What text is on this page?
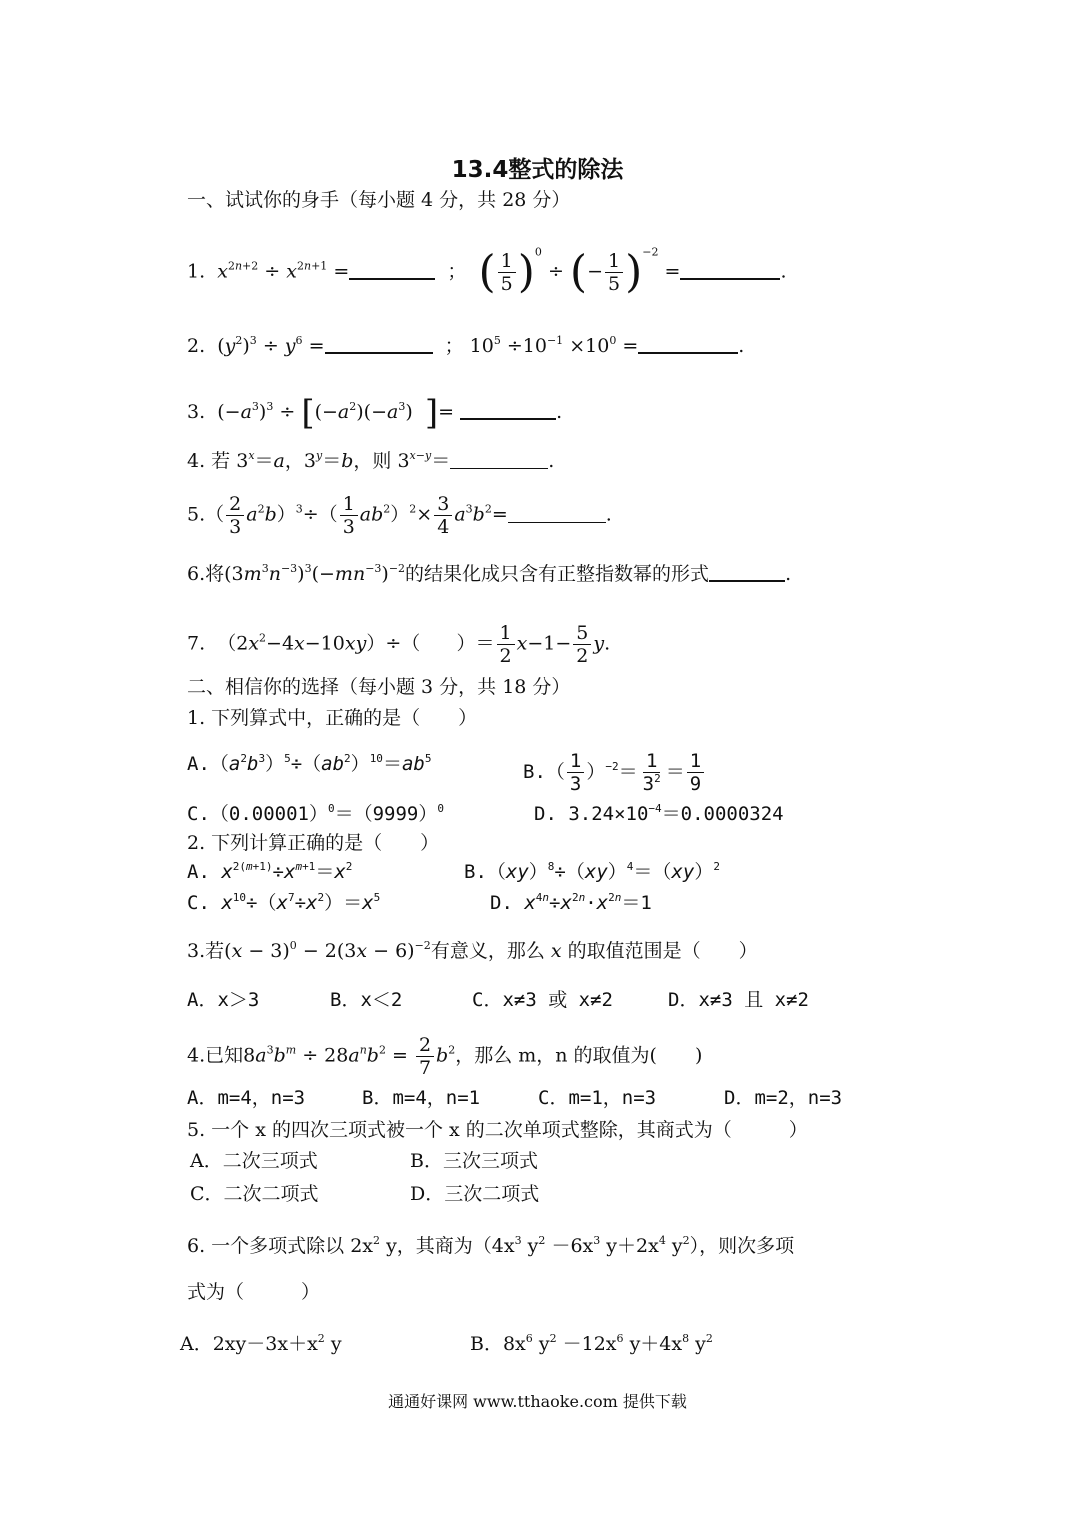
13.4整式的除法
一、试试你的身手（每小题 4 分，共 28 分）
1. $x^{2n+2} \div x^{2n+1}$ =	； ( $\frac{1}{5} )^0$ ÷ (− $\frac{1}{5} )^{-2}$ =	.
2.  $(y^2)^3 \div y^6$ =	； $10^5 \div 10^{-1} \times 10^0$ =	.
3.  $(-a^3)^3 \div [(-a^2)(-a^3)$  ]=	.
4. 若 $3^x=a$，$3^y=b$，则 $3^{x-y}=$	.
$5.( \frac{2}{3} a^2b)^3\div( \frac{1}{3} ab^2)^2\times \frac{3}{4} a^3b^2=$	.
6.将$(3m^3n^{-3})^3(-mn^{-3})^{-2}$的结果化成只含有正整指数幂的形式	.
7.  $(2x^2-4x-10xy)\div$（      ）＝ $\frac{1}{2} x-1- \frac{5}{2} y$.
二、相信你的选择（每小题 3 分，共 18 分）
1. 下列算式中，正确的是（　　）
$A.(a^2b^3)^5\div(ab^2)^{10}=ab^5$
$B.( \frac{1}{3} )^{-2}= \frac{1}{3^2} = \frac{1}{9}$
$C.(0.00001)^0=(9999)^0$	D. $3.24\times 10^{-4}=0.0000324$
2. 下列计算正确的是（　　）
A. $x^{2(m+1)}\div x^{m+1}=x^2$	B.（xy）$^8$÷（xy）$^4$＝（xy）$^2$
C. $x^{10}\div(x^7\div x^2)=x^5$	D. $x^{4n}\div x^{2n}\cdot x^{2n}=1$
3.若$(x - 3)^0 - 2(3x - 6)^{-2}$有意义，那么 x 的取值范围是（　　）
A．x＞3	B．x＜2	C．x≠3 或 x≠2	D．x≠3 且 x≠2
4.已知$8a^3b^m \div 28a^nb^2 = \frac{2}{7} b^2$，那么 m，n 的取值为(　　)
A．m=4，n=3	B．m=4，n=1	C．m=1，n=3	D．m=2，n=3
5. 一个 x 的四次三项式被一个 x 的二次单项式整除，其商式为（　　　）
A．二次三项式	B．三次三项式
C．二次二项式	D．三次二项式
6. 一个多项式除以 $2x^2$ y，其商为（$4x^3$ $y^2 -6x^3$ $y+2x^4$ $y^2$），则次多项
式为（　　　）
A．$2xy-3x+x^2$ y	B．$8x^6$ $y^2 -12x^6$ $y+4x^8$ $y^2$
通通好课网 www.tthaoke.com 提供下载
